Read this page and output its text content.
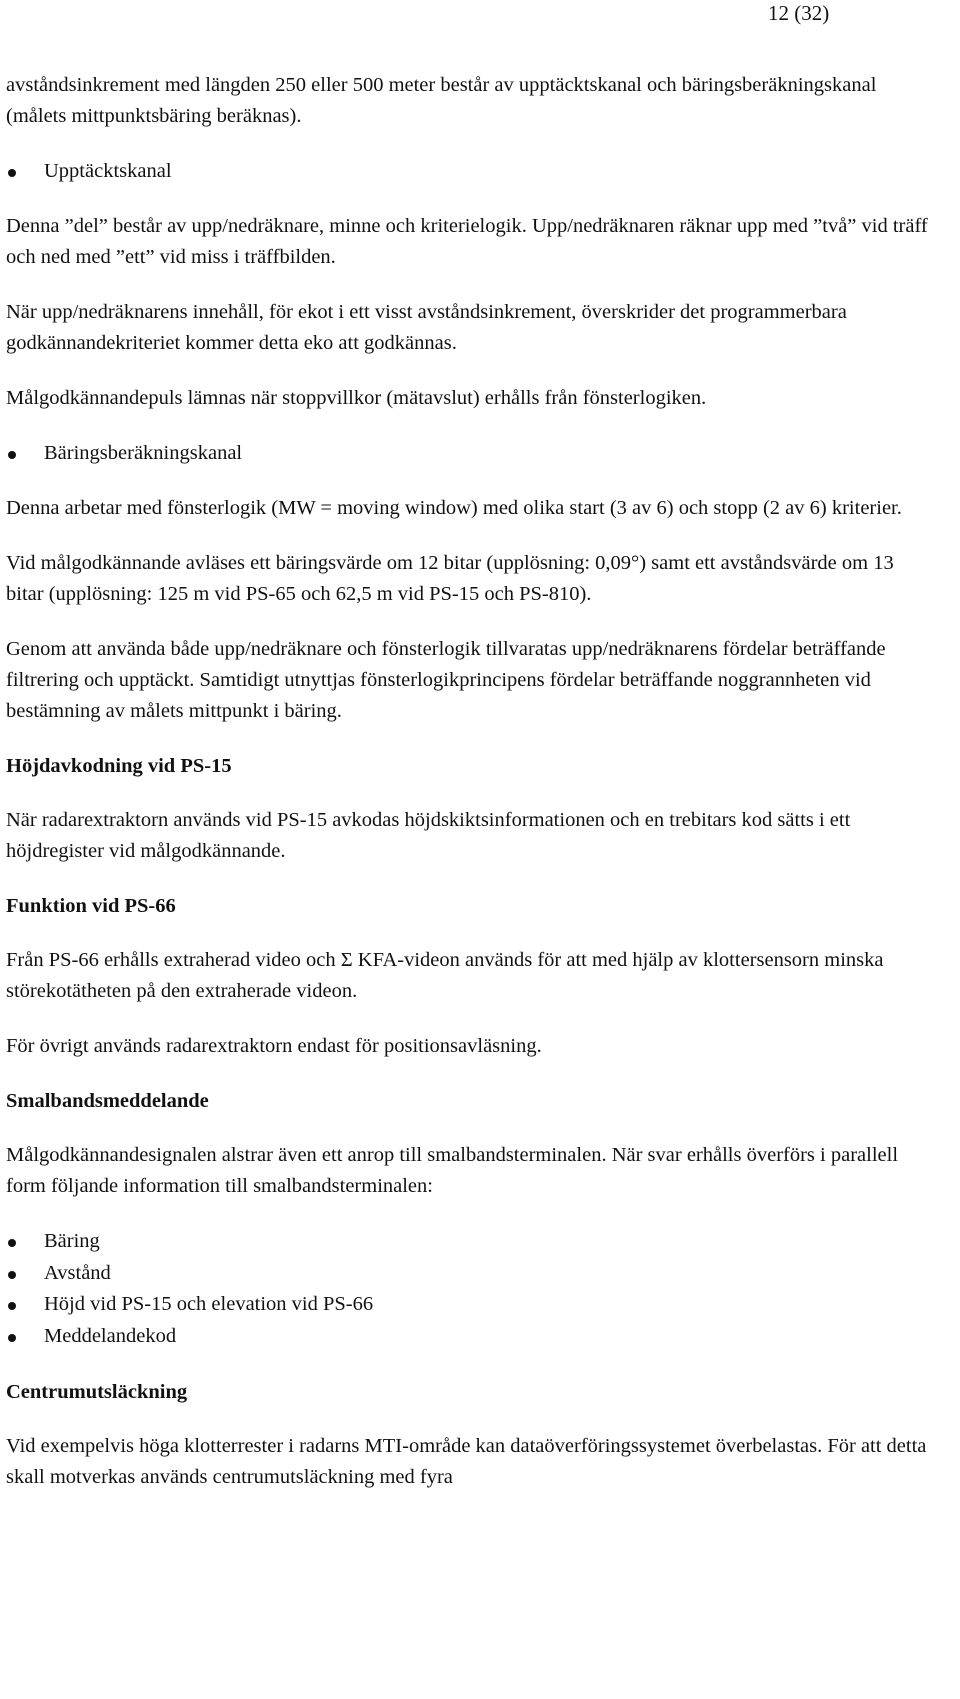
12 (32)

avståndsinkrement med längden 250 eller 500 meter består av upptäcktskanal och bäringsberäkningskanal (målets mittpunktsbäring beräknas).

Upptäcktskanal

Denna ”del” består av upp/nedräknare, minne och kriterielogik. Upp/nedräknaren räknar upp med ”två” vid träff och ned med ”ett” vid miss i träffbilden.

När upp/nedräknarens innehåll, för ekot i ett visst avståndsinkrement, överskrider det programmerbara godkännandekriteriet kommer detta eko att godkännas.

Målgodkännandepuls lämnas när stoppvillkor (mätavslut) erhålls från fönsterlogiken.

Bäringsberäkningskanal

Denna arbetar med fönsterlogik (MW = moving window) med olika start (3 av 6) och stopp (2 av 6) kriterier.

Vid målgodkännande avläses ett bäringsvärde om 12 bitar (upplösning: 0,09°) samt ett avståndsvärde om 13 bitar (upplösning: 125 m vid PS-65 och 62,5 m vid PS-15 och PS-810).

Genom att använda både upp/nedräknare och fönsterlogik tillvaratas upp/nedräknarens fördelar beträffande filtrering och upptäckt. Samtidigt utnyttjas fönsterlogikprincipens fördelar beträffande noggrannheten vid bestämning av målets mittpunkt i bäring.

Höjdavkodning vid PS-15

När radarextraktorn används vid PS-15 avkodas höjdskiktsinformationen och en trebitars kod sätts i ett höjdregister vid målgodkännande.

Funktion vid PS-66

Från PS-66 erhålls extraherad video och Σ KFA-videon används för att med hjälp av klottersensorn minska störekotätheten på den extraherade videon.

För övrigt används radarextraktorn endast för positionsavläsning.

Smalbandsmeddelande

Målgodkännandesignalen alstrar även ett anrop till smalbandsterminalen. När svar erhålls överförs i parallell form följande information till smalbandsterminalen:

Bäring
Avstånd
Höjd vid PS-15 och elevation vid PS-66
Meddelandekod

Centrumutsläckning

Vid exempelvis höga klotterrester i radarns MTI-område kan dataöverföringssystemet överbelastas. För att detta skall motverkas används centrumutsläckning med fyra
